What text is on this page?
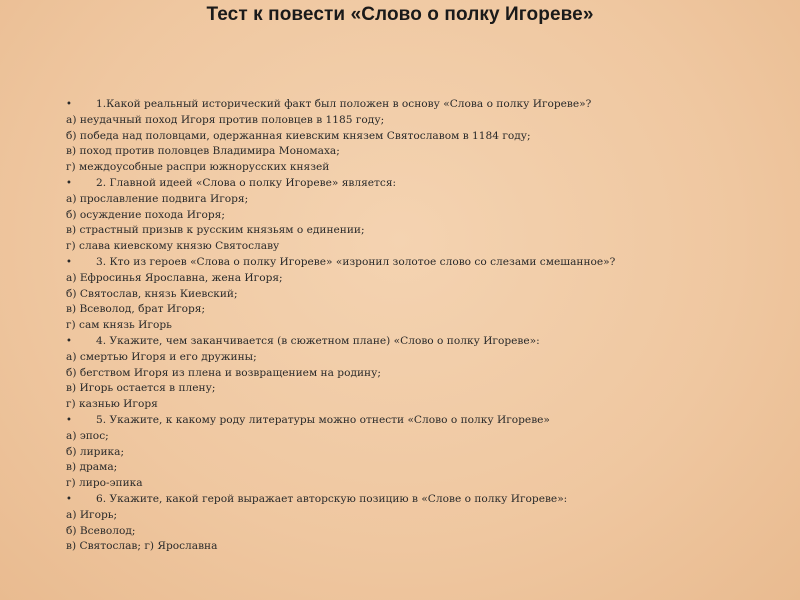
Тест к повести «Слово о полку Игореве»
• 1.Какой реальный исторический факт был положен в основу «Слова о полку Игореве»?
а) неудачный поход Игоря против половцев в 1185 году;
б) победа над половцами, одержанная киевским князем Святославом в 1184 году;
в) поход против половцев Владимира Мономаха;
г) междоусобные распри южнорусских князей
• 2. Главной идеей «Слова о полку Игореве» является:
а) прославление подвига Игоря;
б) осуждение похода Игоря;
в) страстный призыв к русским князьям о единении;
г) слава киевскому князю Святославу
• 3. Кто из героев «Слова о полку Игореве» «изронил золотое слово со слезами смешанное»?
а) Ефросинья Ярославна, жена Игоря;
б) Святослав, князь Киевский;
в) Всеволод, брат Игоря;
г) сам князь Игорь
• 4. Укажите, чем заканчивается (в сюжетном плане) «Слово о полку Игореве»:
а) смертью Игоря и его дружины;
б) бегством Игоря из плена и возвращением на родину;
в) Игорь остается в плену;
г) казнью Игоря
• 5. Укажите, к какому роду литературы можно отнести «Слово о полку Игореве»
а) эпос;
б) лирика;
в) драма;
г) лиро-эпика
• 6. Укажите, какой герой выражает авторскую позицию в «Слове о полку Игореве»:
а) Игорь;
б) Всеволод;
в) Святослав; г) Ярославна
